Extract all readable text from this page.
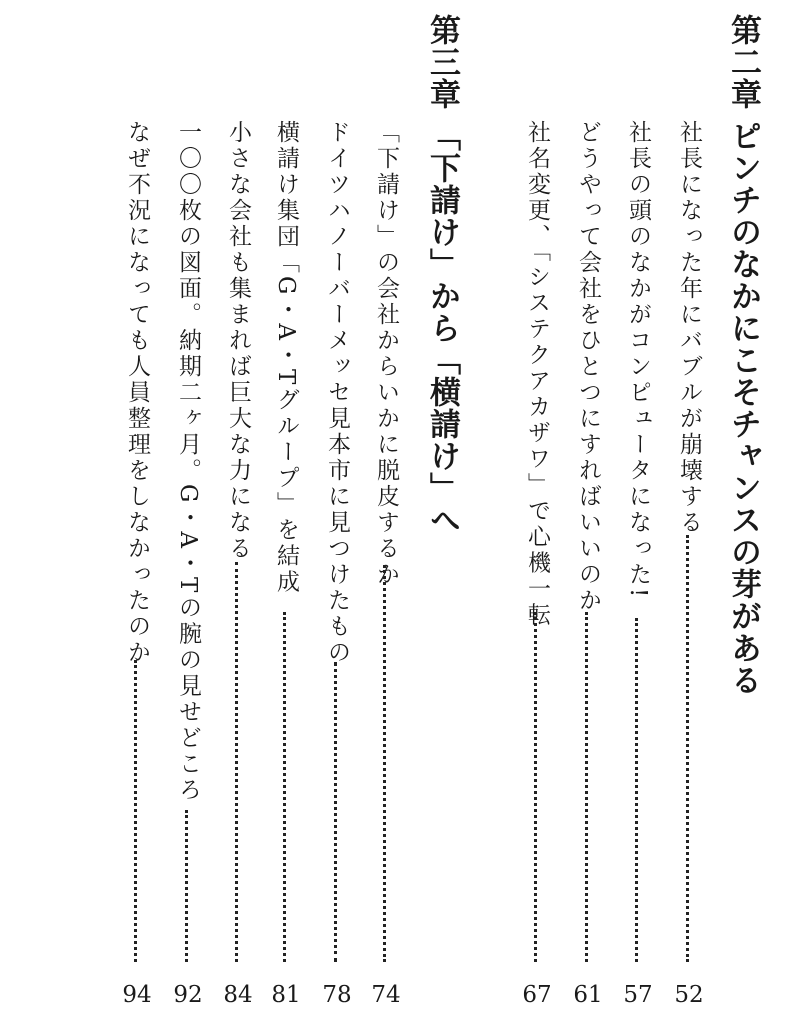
第二章
ピンチのなかにこそチャンスの芽がある
社長になった年にバブルが崩壊する
52
社長の頭のなかがコンピュータになった!
57
どうやって会社をひとつにすればいいのか
61
社名変更、「システクアカザワ」で心機一転
67
第三章
「下請け」から「横請け」へ
「下請け」の会社からいかに脱皮するか
74
ドイツハノーバーメッセ見本市に見つけたもの
78
横請け集団「G・A・Tグループ」を結成
81
小さな会社も集まれば巨大な力になる
84
一〇〇枚の図面。納期二ヶ月。G・A・Tの腕の見せどころ
92
なぜ不況になっても人員整理をしなかったのか
94
